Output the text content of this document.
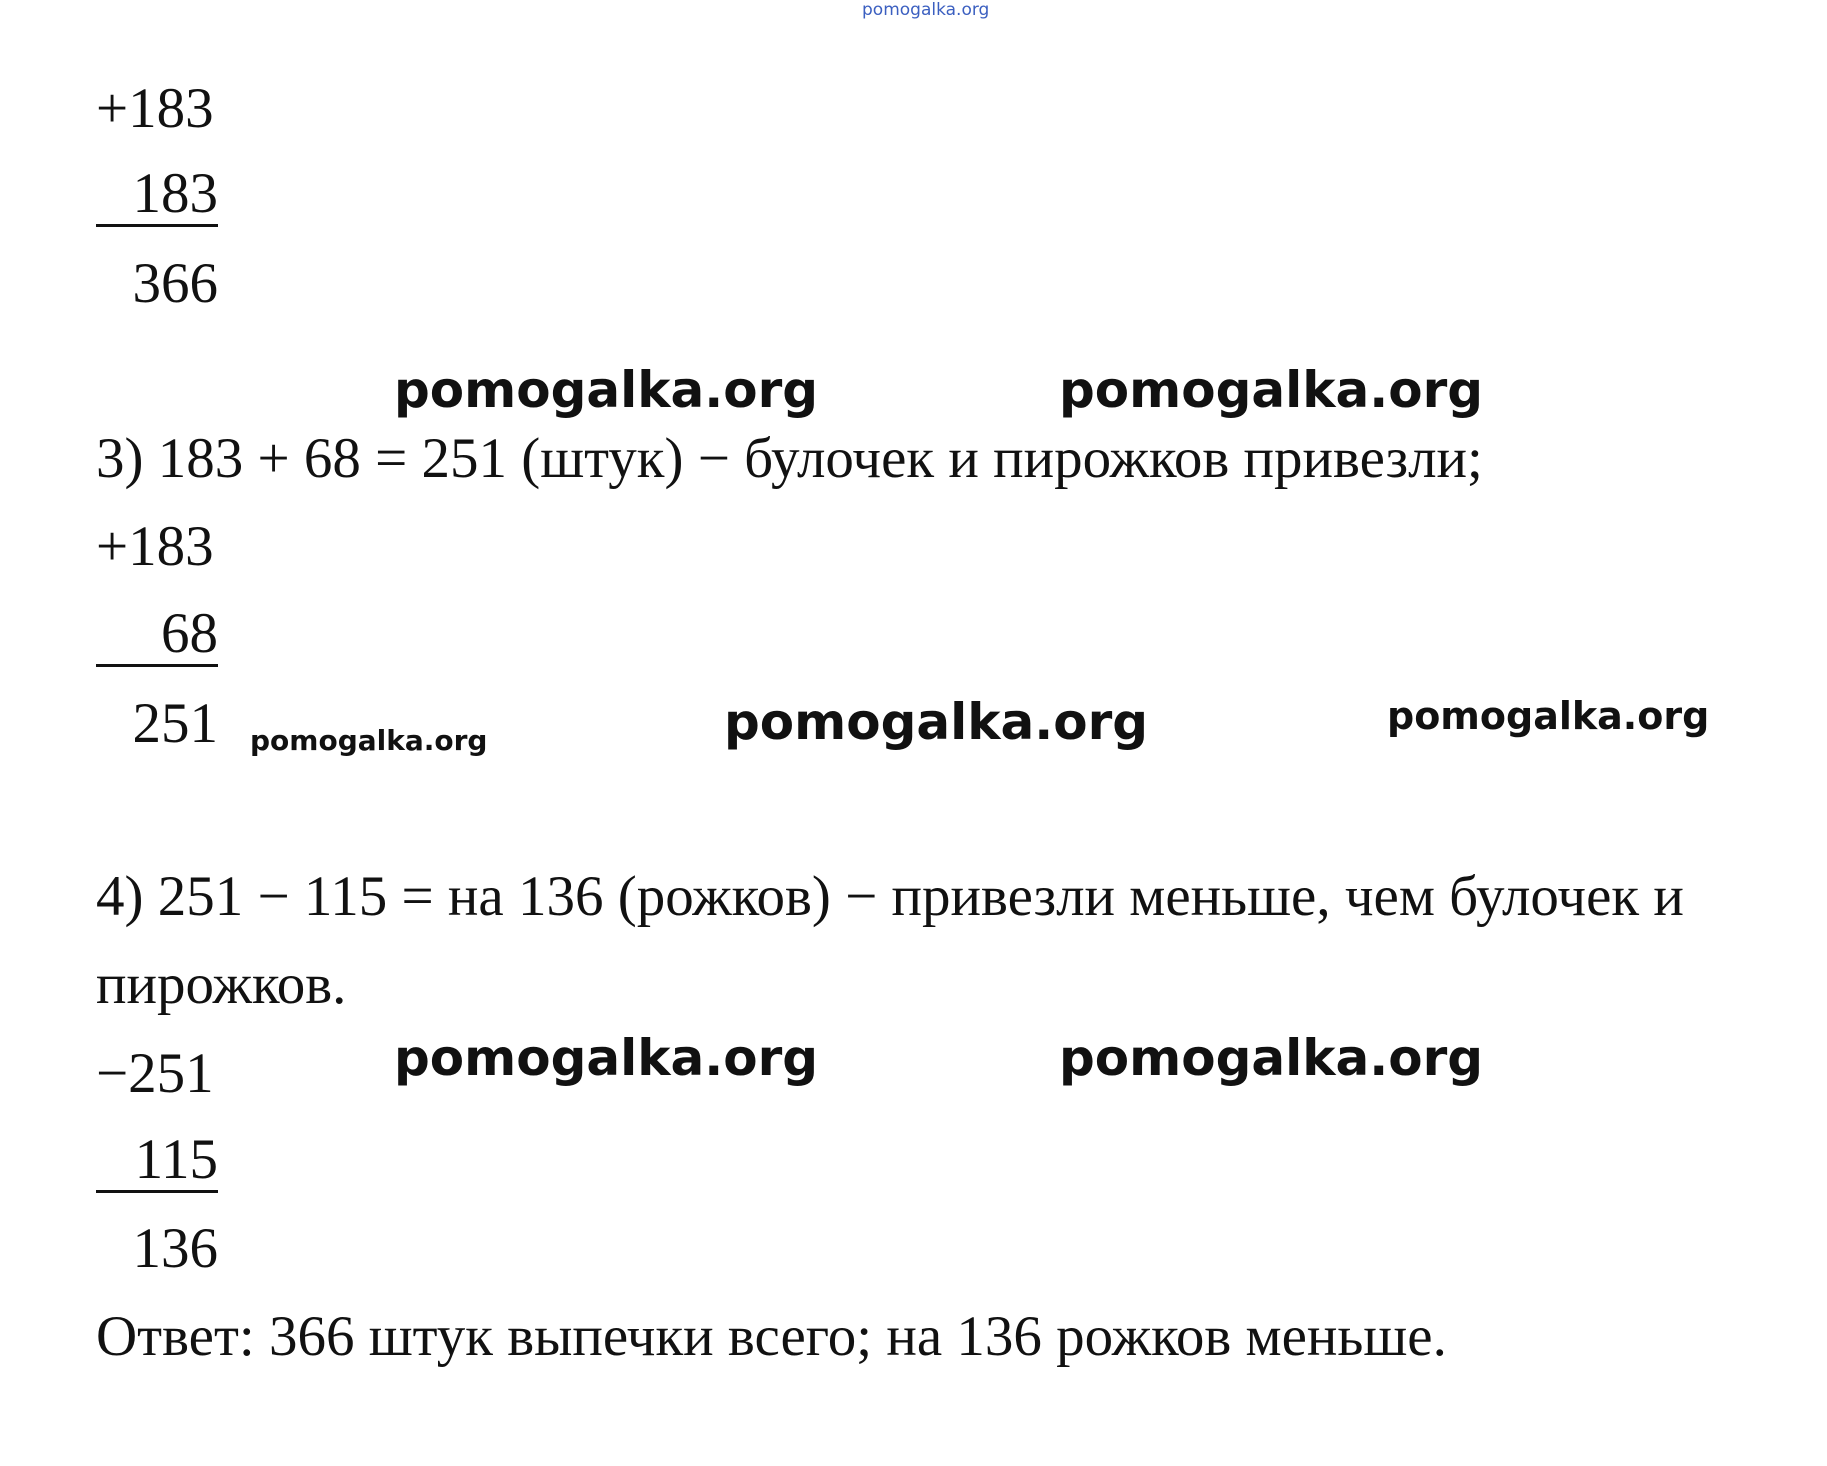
pomogalka.org
+183
183
366
pomogalka.org	pomogalka.org
3) 183 + 68 = 251 (штук) − булочек и пирожков привезли;
+183
68
251 pomogalka.org	pomogalka.org	pomogalka.org
4) 251 − 115 = на 136 (рожков) − привезли меньше, чем булочек и
пирожков.
−251
115
136
pomogalka.org	pomogalka.org
Ответ: 366 штук выпечки всего; на 136 рожков меньше.
